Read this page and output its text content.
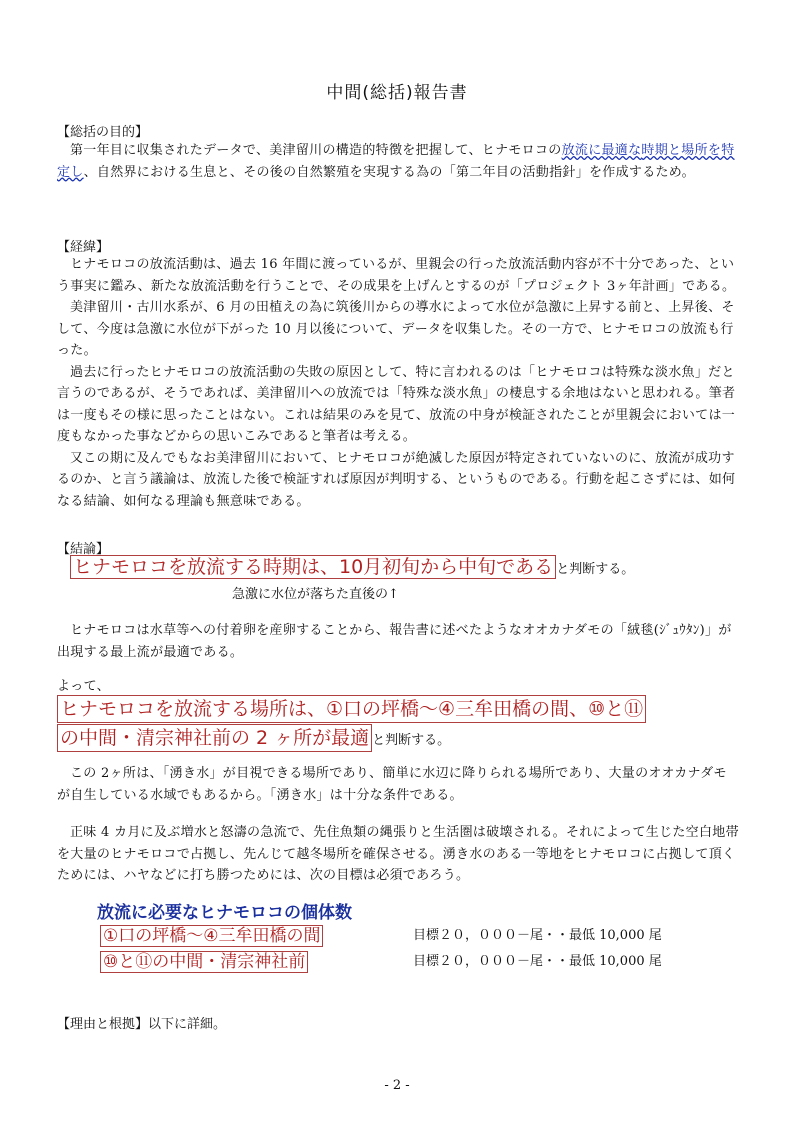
中間(総括)報告書
【総括の目的】

第一年目に収集されたデータで、美津留川の構造的特徴を把握して、ヒナモロコの放流に最適な時期と場所を特定し、自然界における生息と、その後の自然繁殖を実現する為の「第二年目の活動指針」を作成するため。

【経緯】

ヒナモロコの放流活動は、過去 16 年間に渡っているが、里親会の行った放流活動内容が不十分であった、という事実に鑑み、新たな放流活動を行うことで、その成果を上げんとするのが「プロジェクト 3ヶ年計画」である。

美津留川・古川水系が、6 月の田植えの為に筑後川からの導水によって水位が急激に上昇する前と、上昇後、そして、今度は急激に水位が下がった 10 月以後について、データを収集した。その一方で、ヒナモロコの放流も行った。

過去に行ったヒナモロコの放流活動の失敗の原因として、特に言われるのは「ヒナモロコは特殊な淡水魚」だと言うのであるが、そうであれば、美津留川への放流では「特殊な淡水魚」の棲息する余地はないと思われる。筆者は一度もその様に思ったことはない。これは結果のみを見て、放流の中身が検証されたことが里親会においては一度もなかった事などからの思いこみであると筆者は考える。

又この期に及んでもなお美津留川において、ヒナモロコが絶滅した原因が特定されていないのに、放流が成功するのか、と言う議論は、放流した後で検証すれば原因が判明する、というものである。行動を起こさずには、如何なる結論、如何なる理論も無意味である。

【結論】
ヒナモロコを放流する時期は、10月初旬から中旬である と判断する。
急激に水位が落ちた直後の↑

ヒナモロコは水草等への付着卵を産卵することから、報告書に述べたようなオオカナダモの「絨毯(ｼﾞｭｳﾀﾝ)」が出現する最上流が最適である。

よって、

ヒナモロコを放流する場所は、①口の坪橋～④三牟田橋の間、⑩と⑪
の中間・清宗神社前の 2 ヶ所が最適 と判断する。

この 2ヶ所は、「湧き水」が目視できる場所であり、簡単に水辺に降りられる場所であり、大量のオオカナダモが自生している水域でもあるから。「湧き水」は十分な条件である。

正味 4 カ月に及ぶ増水と怒濤の急流で、先住魚類の縄張りと生活圏は破壊される。それによって生じた空白地帯を大量のヒナモロコで占拠し、先んじて越冬場所を確保させる。湧き水のある一等地をヒナモロコに占拠して頂くためには、ハヤなどに打ち勝つためには、次の目標は必須であろう。

放流に必要なヒナモロコの個体数
①口の坪橋～④三牟田橋の間	目標２０，０００－尾・・最低 10,000 尾
⑩と⑪の中間・清宗神社前	目標２０，０００－尾・・最低 10,000 尾
【理由と根拠】以下に詳細。
- 2 -
